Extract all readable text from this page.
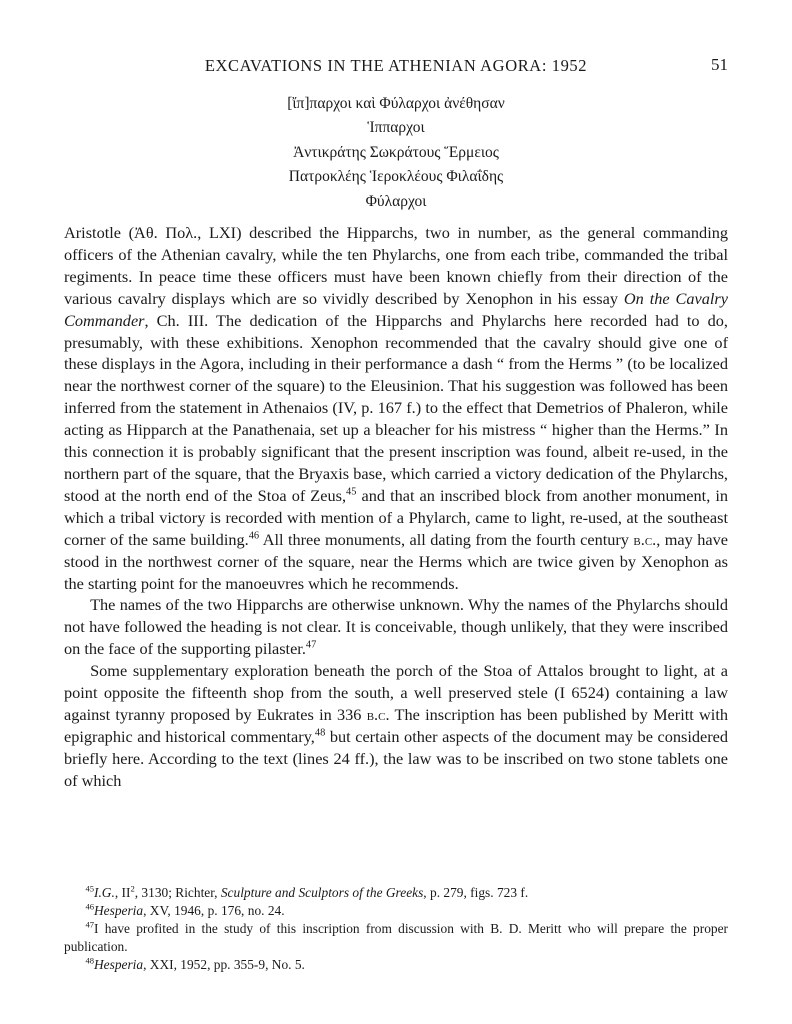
EXCAVATIONS IN THE ATHENIAN AGORA: 1952	51
[ἴπ]παρχοι καὶ Φύλαρχοι ἀνέθησαν
Ἱππαρχοι
Ἀντικράτης Σωκράτους Ἕρμειος
Πατροκλέης Ἱεροκλέους Φιλαΐδης
Φύλαρχοι

Aristotle (Ἀθ. Πολ., LXI) described the Hipparchs, two in number, as the general commanding officers of the Athenian cavalry, while the ten Phylarchs, one from each tribe, commanded the tribal regiments. In peace time these officers must have been known chiefly from their direction of the various cavalry displays which are so vividly described by Xenophon in his essay On the Cavalry Commander, Ch. III. The dedication of the Hipparchs and Phylarchs here recorded had to do, presumably, with these exhibitions. Xenophon recommended that the cavalry should give one of these displays in the Agora, including in their performance a dash “ from the Herms ” (to be localized near the northwest corner of the square) to the Eleusinion. That his suggestion was followed has been inferred from the statement in Athenaios (IV, p. 167 f.) to the effect that Demetrios of Phaleron, while acting as Hipparch at the Panathenaia, set up a bleacher for his mistress “ higher than the Herms.” In this connection it is probably significant that the present inscription was found, albeit re-used, in the northern part of the square, that the Bryaxis base, which carried a victory dedication of the Phylarchs, stood at the north end of the Stoa of Zeus,$^{45}$ and that an inscribed block from another monument, in which a tribal victory is recorded with mention of a Phylarch, came to light, re-used, at the southeast corner of the same building.$^{46}$ All three monuments, all dating from the fourth century b.c., may have stood in the northwest corner of the square, near the Herms which are twice given by Xenophon as the starting point for the manoeuvres which he recommends.

The names of the two Hipparchs are otherwise unknown. Why the names of the Phylarchs should not have followed the heading is not clear. It is conceivable, though unlikely, that they were inscribed on the face of the supporting pilaster.$^{47}$

Some supplementary exploration beneath the porch of the Stoa of Attalos brought to light, at a point opposite the fifteenth shop from the south, a well preserved stele (I 6524) containing a law against tyranny proposed by Eukrates in 336 b.c. The inscription has been published by Meritt with epigraphic and historical commentary,$^{48}$ but certain other aspects of the document may be considered briefly here. According to the text (lines 24 ff.), the law was to be inscribed on two stone tablets one of which

$^{45}$I.G., $II^2$, 3130; Richter, Sculpture and Sculptors of the Greeks, p. 279, figs. 723 f.

$^{46}$Hesperia, XV, 1946, p. 176, no. 24.

$^{47}$I have profited in the study of this inscription from discussion with B. D. Meritt who will prepare the proper publication.

$^{48}$Hesperia, XXI, 1952, pp. 355-9, No. 5.
